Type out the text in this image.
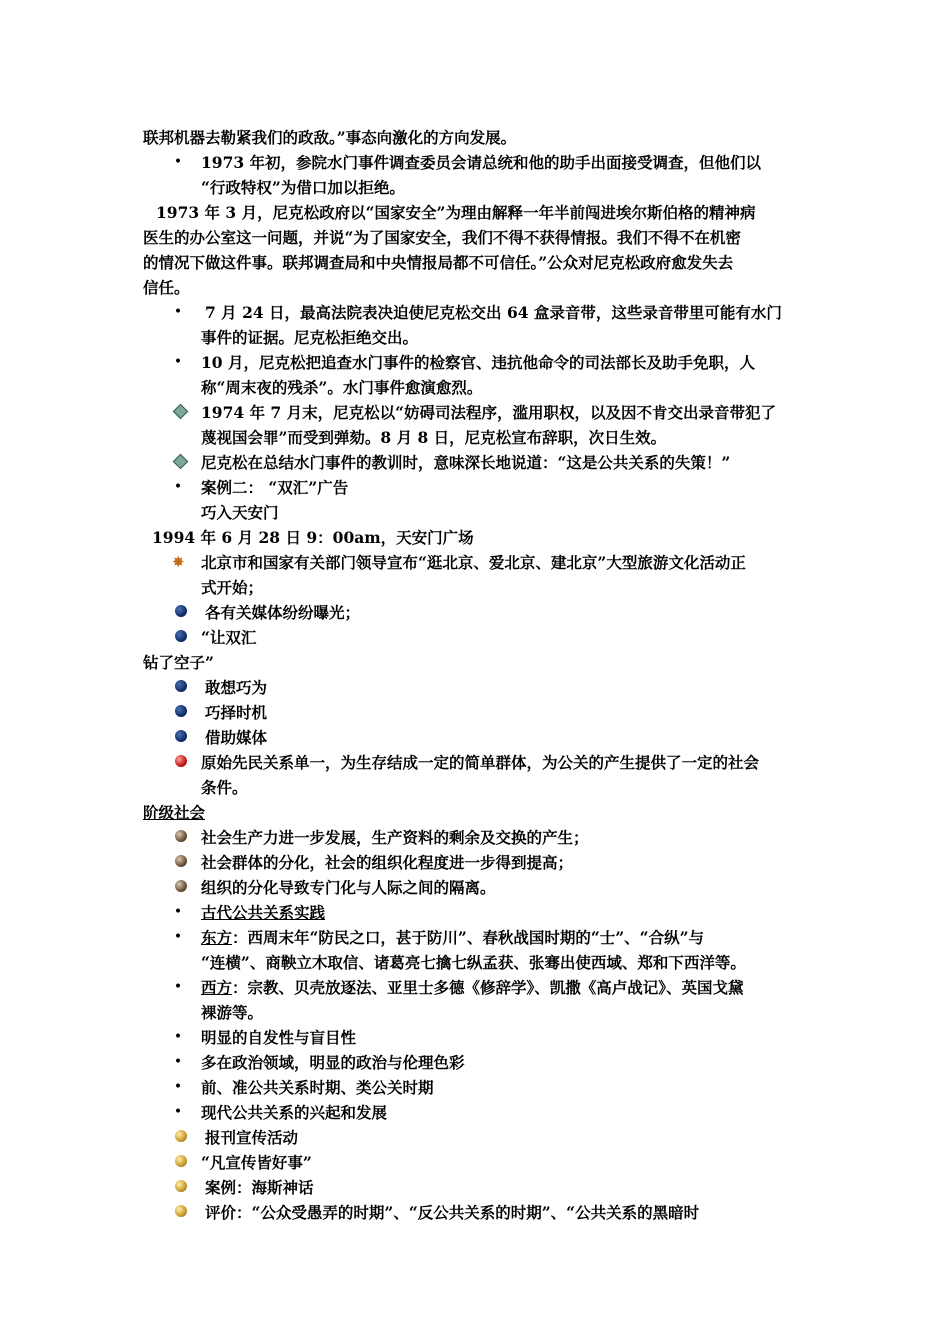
联邦机器去勒紧我们的政敌。”事态向激化的方向发展。
•	1973 年初，参院水门事件调查委员会请总统和他的助手出面接受调查，但他们以
“行政特权”为借口加以拒绝。
1973 年 3 月，尼克松政府以“国家安全”为理由解释一年半前闯进埃尔斯伯格的精神病
医生的办公室这一问题，并说“为了国家安全，我们不得不获得情报。我们不得不在机密
的情况下做这件事。联邦调查局和中央情报局都不可信任。”公众对尼克松政府愈发失去
信任。
•	7 月 24 日，最高法院表决迫使尼克松交出 64 盒录音带，这些录音带里可能有水门
事件的证据。尼克松拒绝交出。
•	10 月，尼克松把追查水门事件的检察官、违抗他命令的司法部长及助手免职，人
称“周末夜的残杀”。水门事件愈演愈烈。
1974 年 7 月末，尼克松以“妨碍司法程序，滥用职权，以及因不肯交出录音带犯了
蔑视国会罪”而受到弹劾。8 月 8 日，尼克松宣布辞职，次日生效。
尼克松在总结水门事件的教训时，意味深长地说道：“这是公共关系的失策！”
•	案例二： “双汇”广告
巧入天安门
1994 年 6 月 28 日 9：00am，天安门广场
✸ 北京市和国家有关部门领导宣布“逛北京、爱北京、建北京”大型旅游文化活动正
式开始；
各有关媒体纷纷曝光；
“让双汇
钻了空子”
敢想巧为
巧择时机
借助媒体
原始先民关系单一，为生存结成一定的简单群体，为公关的产生提供了一定的社会
条件。
阶级社会
社会生产力进一步发展，生产资料的剩余及交换的产生；
社会群体的分化，社会的组织化程度进一步得到提高；
组织的分化导致专门化与人际之间的隔离。
•	古代公共关系实践
•	东方：西周末年“防民之口，甚于防川”、春秋战国时期的“士”、“合纵”与
“连横”、商鞅立木取信、诸葛亮七擒七纵孟获、张骞出使西域、郑和下西洋等。
•	西方：宗教、贝壳放逐法、亚里士多德《修辞学》、凯撒《高卢战记》、英国戈黛
裸游等。
•	明显的自发性与盲目性
•	多在政治领域，明显的政治与伦理色彩
•	前、准公共关系时期、类公关时期
•	现代公共关系的兴起和发展
报刊宣传活动
“凡宣传皆好事”
案例：海斯神话
评价：“公众受愚弄的时期”、“反公共关系的时期”、“公共关系的黑暗时
